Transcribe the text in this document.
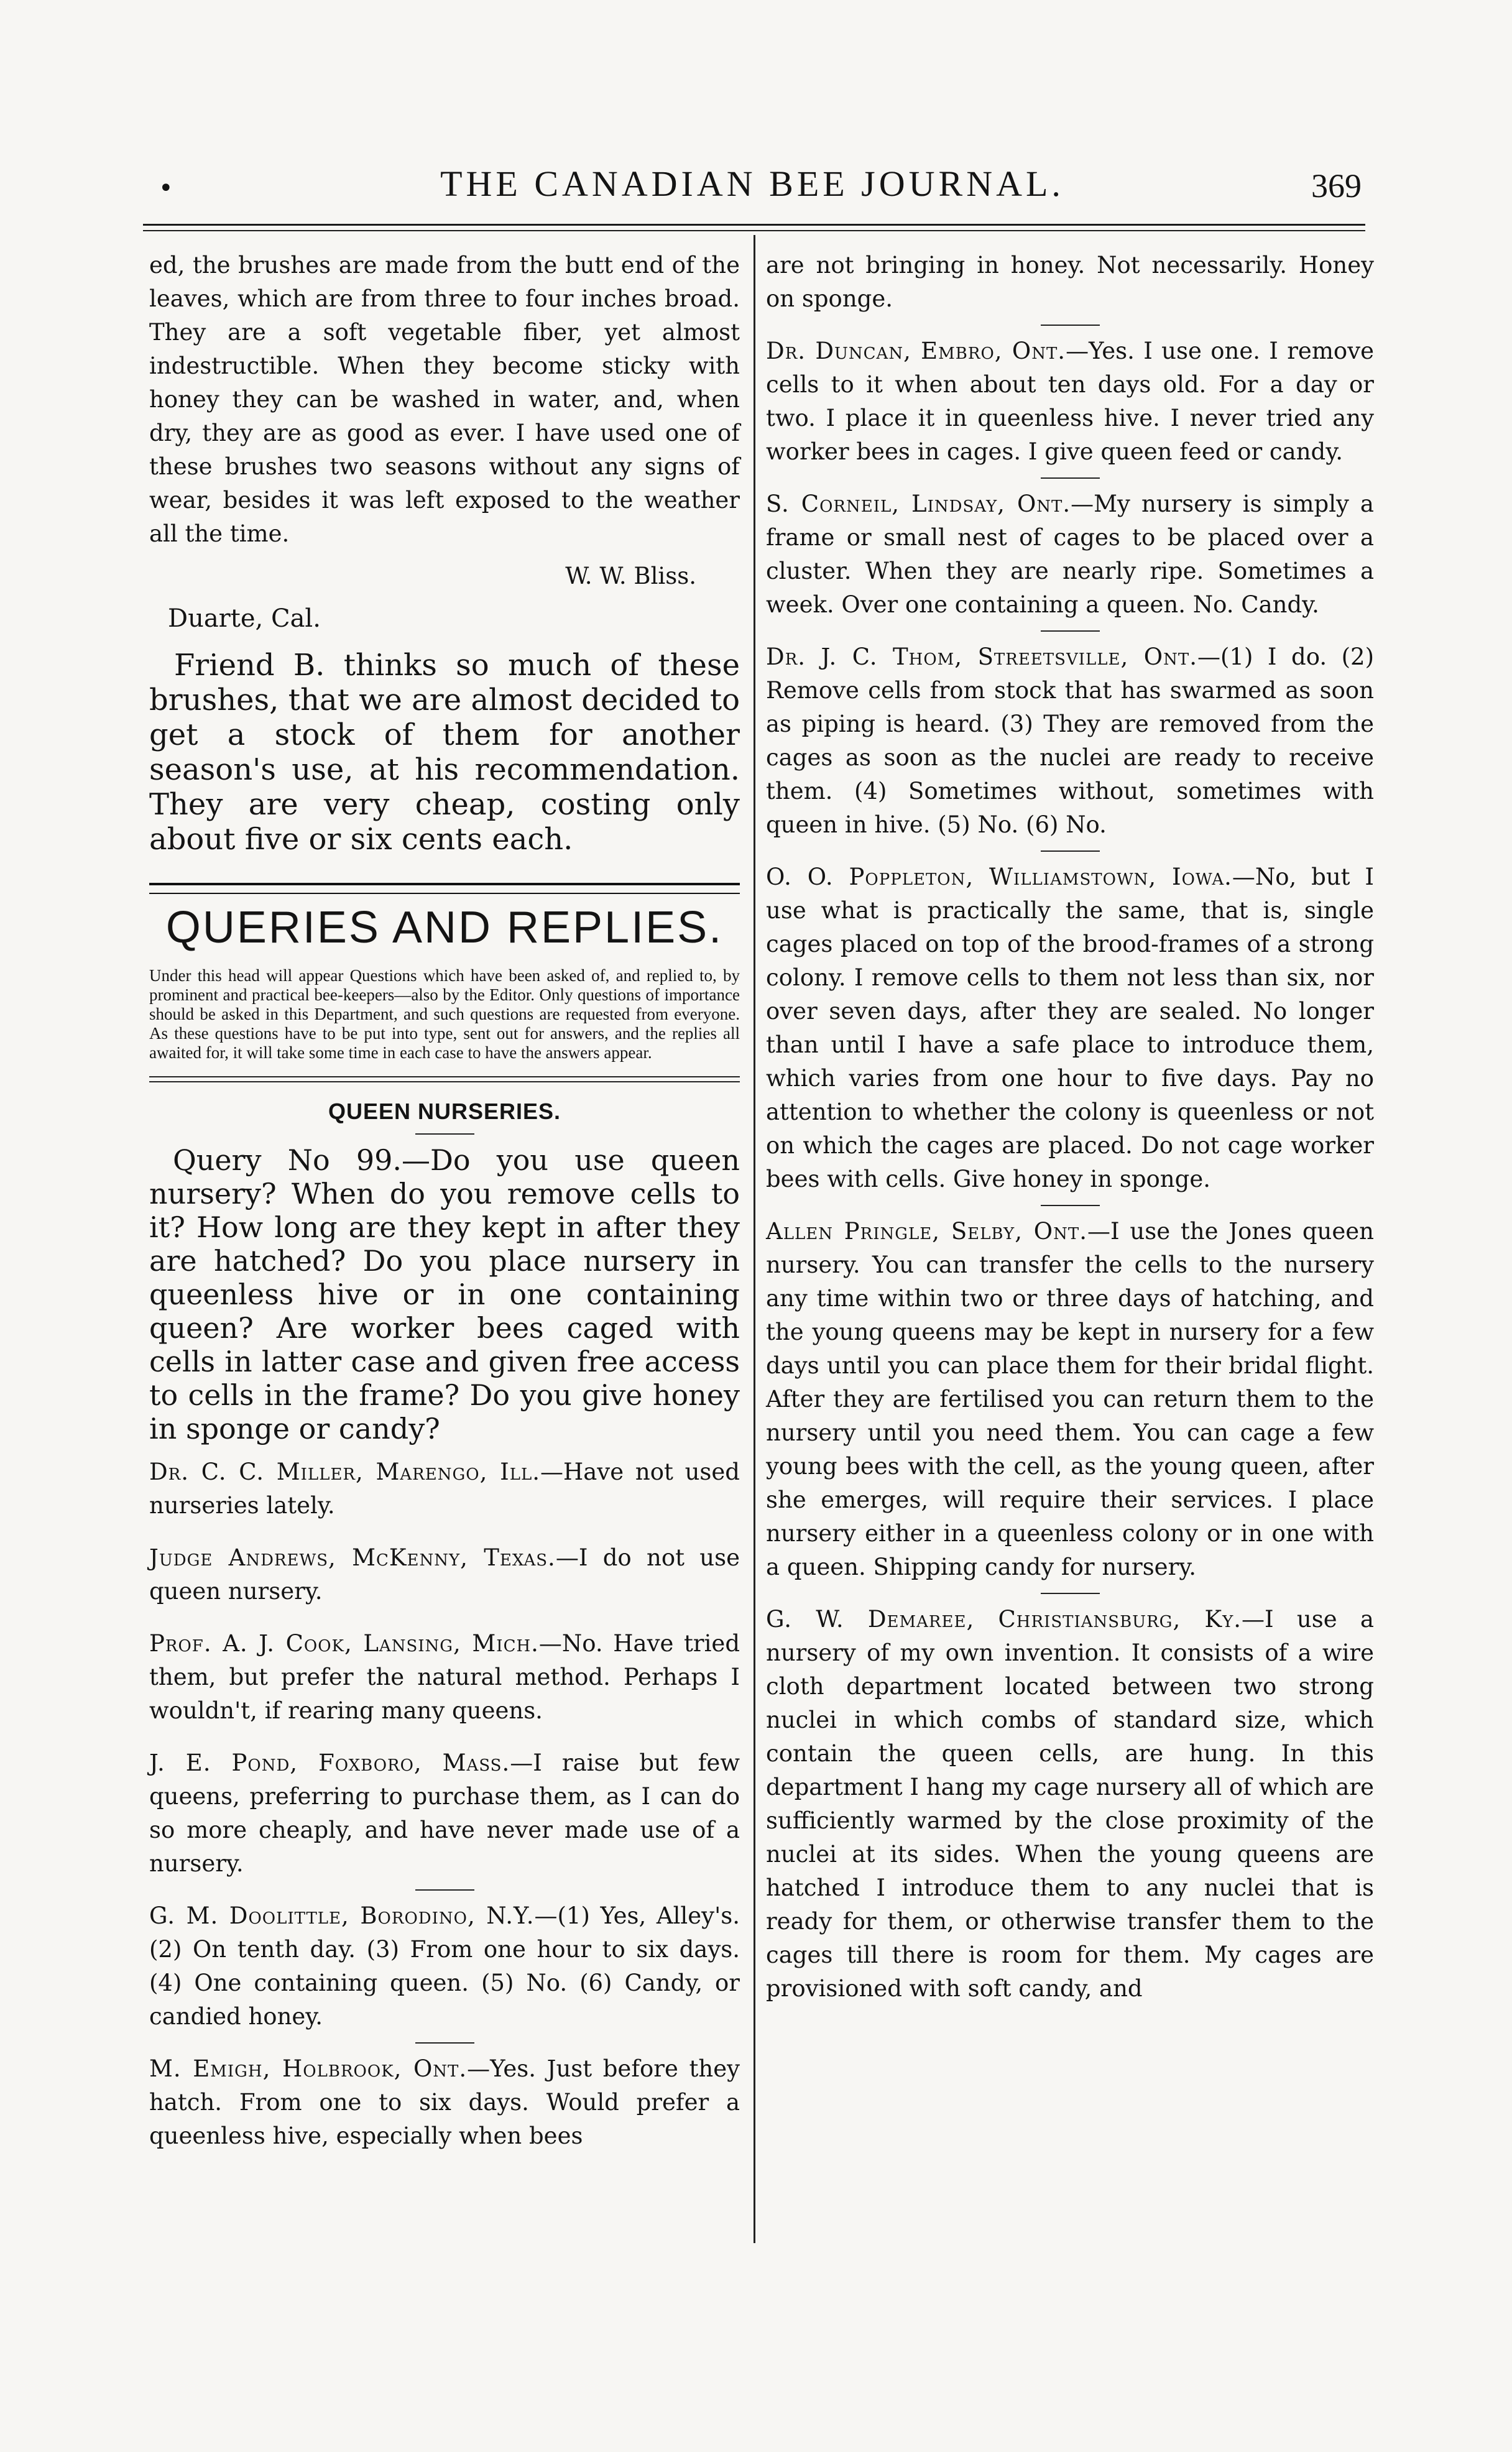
•	THE CANADIAN BEE JOURNAL.	369

ed, the brushes are made from the butt end of the leaves, which are from three to four inches broad. They are a soft vegetable fiber, yet almost indestructible. When they become sticky with honey they can be washed in water, and, when dry, they are as good as ever. I have used one of these brushes two seasons without any signs of wear, besides it was left exposed to the weather all the time.

W. W. Bliss.
Duarte, Cal.

Friend B. thinks so much of these brushes, that we are almost decided to get a stock of them for another season's use, at his recommendation. They are very cheap, costing only about five or six cents each.

QUERIES AND REPLIES.

Under this head will appear Questions which have been asked of, and replied to, by prominent and practical bee-keepers—also by the Editor. Only questions of importance should be asked in this Department, and such questions are requested from everyone. As these questions have to be put into type, sent out for answers, and the replies all awaited for, it will take some time in each case to have the answers appear.

QUEEN NURSERIES.

Query No 99.—Do you use queen nursery? When do you remove cells to it? How long are they kept in after they are hatched? Do you place nursery in queenless hive or in one containing queen? Are worker bees caged with cells in latter case and given free access to cells in the frame? Do you give honey in sponge or candy?

Dr. C. C. Miller, Marengo, Ill.—Have not used nurseries lately.

Judge Andrews, McKenny, Texas.—I do not use queen nursery.

Prof. A. J. Cook, Lansing, Mich.—No. Have tried them, but prefer the natural method. Perhaps I wouldn't, if rearing many queens.

J. E. Pond, Foxboro, Mass.—I raise but few queens, preferring to purchase them, as I can do so more cheaply, and have never made use of a nursery.

G. M. Doolittle, Borodino, N.Y.—(1) Yes, Alley's. (2) On tenth day. (3) From one hour to six days. (4) One containing queen. (5) No. (6) Candy, or candied honey.

M. Emigh, Holbrook, Ont.—Yes. Just before they hatch. From one to six days. Would prefer a queenless hive, especially when bees

are not bringing in honey. Not necessarily. Honey on sponge.

Dr. Duncan, Embro, Ont.—Yes. I use one. I remove cells to it when about ten days old. For a day or two. I place it in queenless hive. I never tried any worker bees in cages. I give queen feed or candy.

S. Corneil, Lindsay, Ont.—My nursery is simply a frame or small nest of cages to be placed over a cluster. When they are nearly ripe. Sometimes a week. Over one containing a queen. No. Candy.

Dr. J. C. Thom, Streetsville, Ont.—(1) I do. (2) Remove cells from stock that has swarmed as soon as piping is heard. (3) They are removed from the cages as soon as the nuclei are ready to receive them. (4) Sometimes without, sometimes with queen in hive. (5) No. (6) No.

O. O. Poppleton, Williamstown, Iowa.—No, but I use what is practically the same, that is, single cages placed on top of the brood-frames of a strong colony. I remove cells to them not less than six, nor over seven days, after they are sealed. No longer than until I have a safe place to introduce them, which varies from one hour to five days. Pay no attention to whether the colony is queenless or not on which the cages are placed. Do not cage worker bees with cells. Give honey in sponge.

Allen Pringle, Selby, Ont.—I use the Jones queen nursery. You can transfer the cells to the nursery any time within two or three days of hatching, and the young queens may be kept in nursery for a few days until you can place them for their bridal flight. After they are fertilised you can return them to the nursery until you need them. You can cage a few young bees with the cell, as the young queen, after she emerges, will require their services. I place nursery either in a queenless colony or in one with a queen. Shipping candy for nursery.

G. W. Demaree, Christiansburg, Ky.—I use a nursery of my own invention. It consists of a wire cloth department located between two strong nuclei in which combs of standard size, which contain the queen cells, are hung. In this department I hang my cage nursery all of which are sufficiently warmed by the close proximity of the nuclei at its sides. When the young queens are hatched I introduce them to any nuclei that is ready for them, or otherwise transfer them to the cages till there is room for them. My cages are provisioned with soft candy, and
